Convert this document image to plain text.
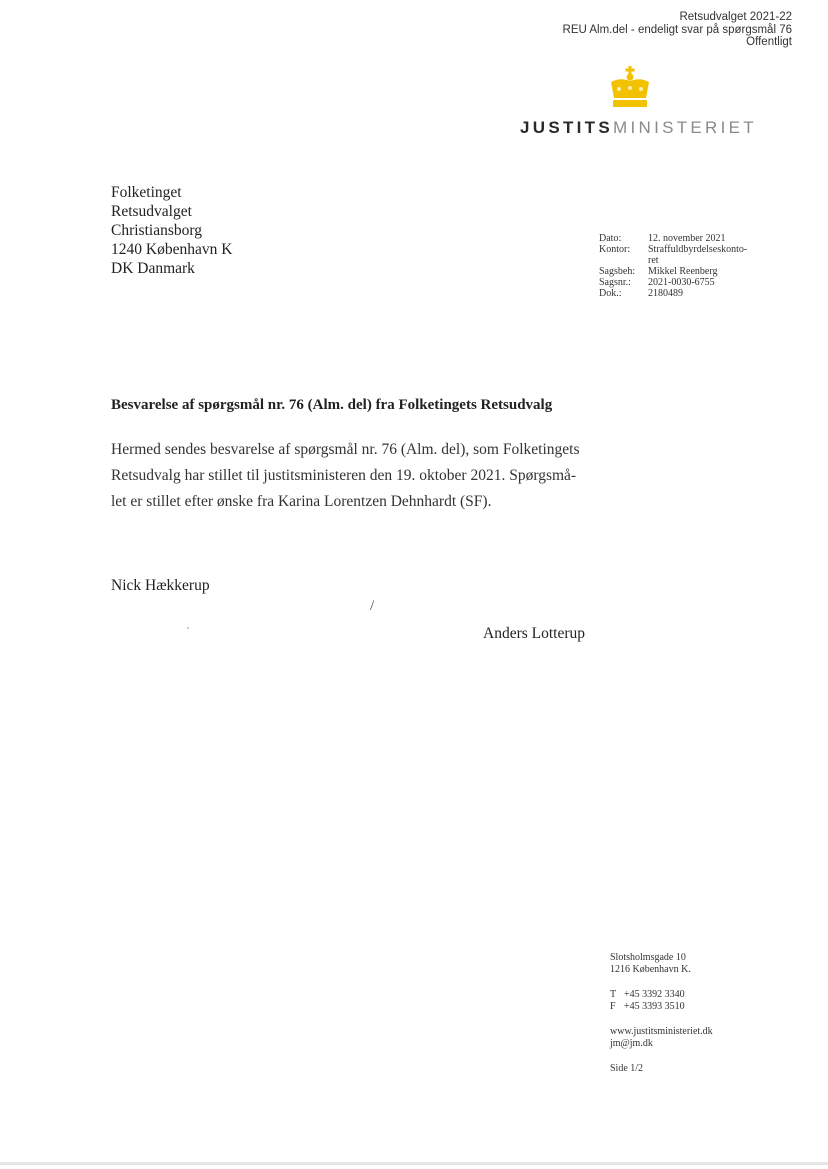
Retsudvalget 2021-22
REU Alm.del - endeligt svar på spørgsmål 76
Offentligt
JUSTITSMINISTERIET
Folketinget
Retsudvalget
Christiansborg
1240 København K
DK Danmark
Dato:	12. november 2021
Kontor:	Straffuldbyrdelseskonto-
ret
Sagsbeh:	Mikkel Reenberg
Sagsnr.:	2021-0030-6755
Dok.:	2180489
Besvarelse af spørgsmål nr. 76 (Alm. del) fra Folketingets Retsudvalg
Hermed sendes besvarelse af spørgsmål nr. 76 (Alm. del), som Folketingets
Retsudvalg har stillet til justitsministeren den 19. oktober 2021. Spørgsmå-
let er stillet efter ønske fra Karina Lorentzen Dehnhardt (SF).
Nick Hækkerup
/
Anders Lotterup
Slotsholmsgade 10
1216 København K.
T +45 3392 3340
F +45 3393 3510
www.justitsministeriet.dk
jm@jm.dk
Side 1/2
